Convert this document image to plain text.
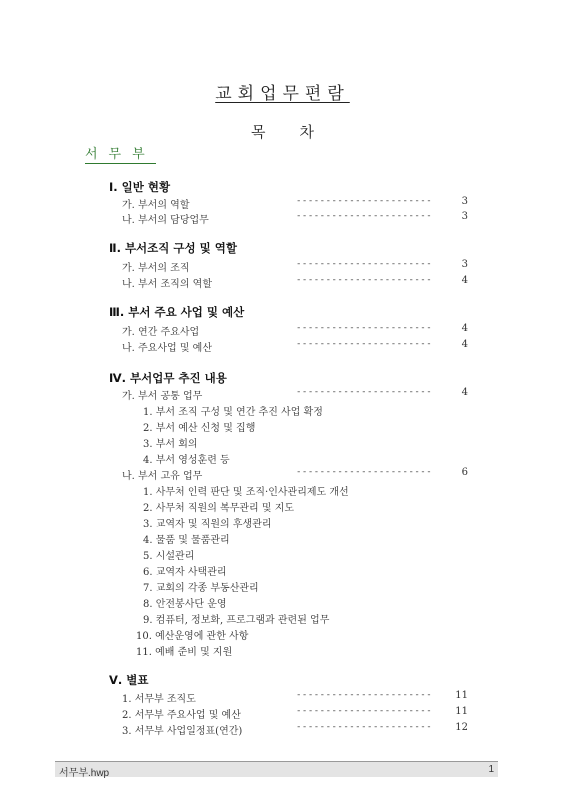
교회업무편람
목차
서무부
Ⅰ. 일반 현황
가. 부서의 역할	-----------------------	3
나. 부서의 담당업무	-----------------------	3
Ⅱ. 부서조직 구성 및 역할
가. 부서의 조직	-----------------------	3
나. 부서 조직의 역할	-----------------------	4
Ⅲ. 부서 주요 사업 및 예산
가. 연간 주요사업	-----------------------	4
나. 주요사업 및 예산	-----------------------	4
Ⅳ. 부서업무 추진 내용
가. 부서 공통 업무	-----------------------	4
1. 부서 조직 구성 및 연간 추진 사업 확정
2. 부서 예산 신청 및 집행
3. 부서 회의
4. 부서 영성훈련 등
나. 부서 고유 업무	-----------------------	6
1. 사무처 인력 판단 및 조직·인사관리제도 개선
2. 사무처 직원의 복무관리 및 지도
3. 교역자 및 직원의 후생관리
4. 물품 및 물품관리
5. 시설관리
6. 교역자 사택관리
7. 교회의 각종 부동산관리
8. 안전봉사단 운영
9. 컴퓨터, 정보화, 프로그램과 관련된 업무
10. 예산운영에 관한 사항
11. 예배 준비 및 지원
Ⅴ. 별표
1. 서무부 조직도	-----------------------	11
2. 서무부 주요사업 및 예산	-----------------------	11
3. 서무부 사업일정표(연간)	-----------------------	12
서무부.hwp	1
